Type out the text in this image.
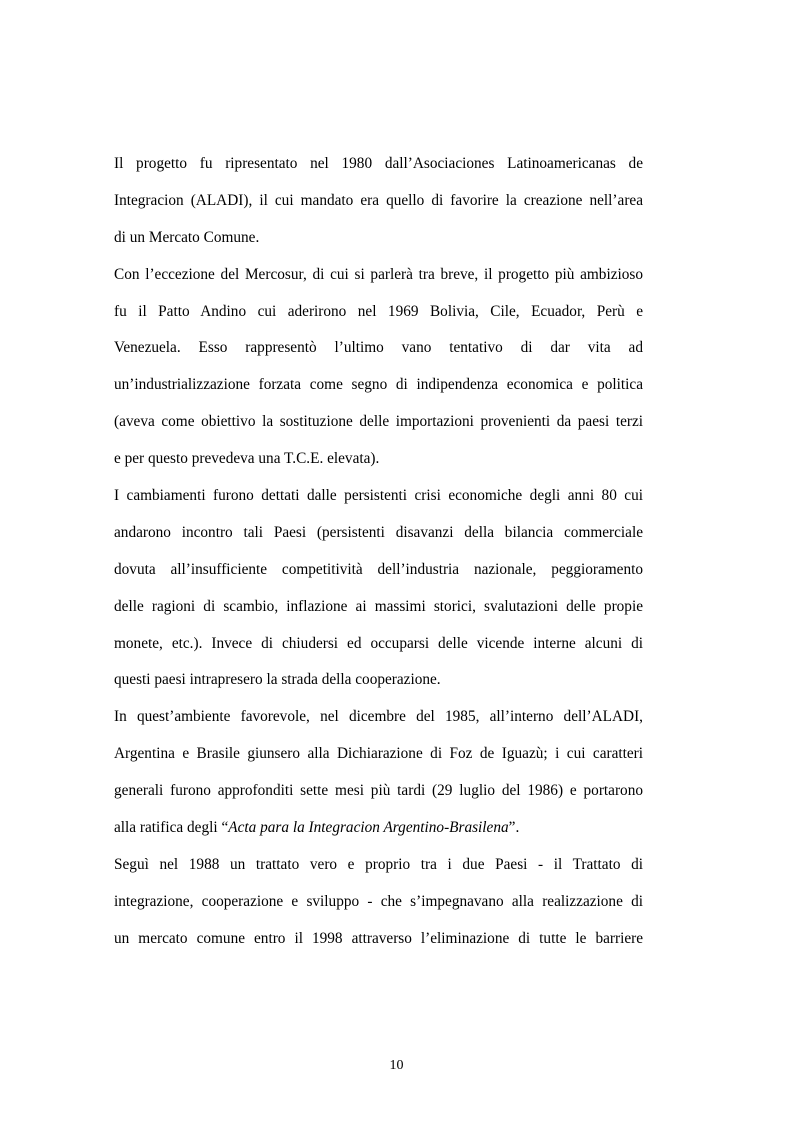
Il progetto fu ripresentato nel 1980 dall’Asociaciones Latinoamericanas de
Integracion (ALADI), il cui mandato era quello di favorire la creazione nell’area
di un Mercato Comune.

Con l’eccezione del Mercosur, di cui si parlerà tra breve, il progetto più ambizioso
fu il Patto Andino cui aderirono nel 1969 Bolivia, Cile, Ecuador, Perù e
Venezuela. Esso rappresentò l’ultimo vano tentativo di dar vita ad
un’industrializzazione forzata come segno di indipendenza economica e politica
(aveva come obiettivo la sostituzione delle importazioni provenienti da paesi terzi
e per questo prevedeva una T.C.E. elevata).

I cambiamenti furono dettati dalle persistenti crisi economiche degli anni 80 cui
andarono incontro tali Paesi (persistenti disavanzi della bilancia commerciale
dovuta all’insufficiente competitività dell’industria nazionale, peggioramento
delle ragioni di scambio, inflazione ai massimi storici, svalutazioni delle propie
monete, etc.). Invece di chiudersi ed occuparsi delle vicende interne alcuni di
questi paesi intrapresero la strada della cooperazione.

In quest’ambiente favorevole, nel dicembre del 1985, all’interno dell’ALADI,
Argentina e Brasile giunsero alla Dichiarazione di Foz de Iguazù; i cui caratteri
generali furono approfonditi sette mesi più tardi (29 luglio del 1986) e portarono
alla ratifica degli “Acta para la Integracion Argentino-Brasilena”.

Seguì nel 1988 un trattato vero e proprio tra i due Paesi - il Trattato di
integrazione, cooperazione e sviluppo - che s’impegnavano alla realizzazione di
un mercato comune entro il 1998 attraverso l’eliminazione di tutte le barriere

10
